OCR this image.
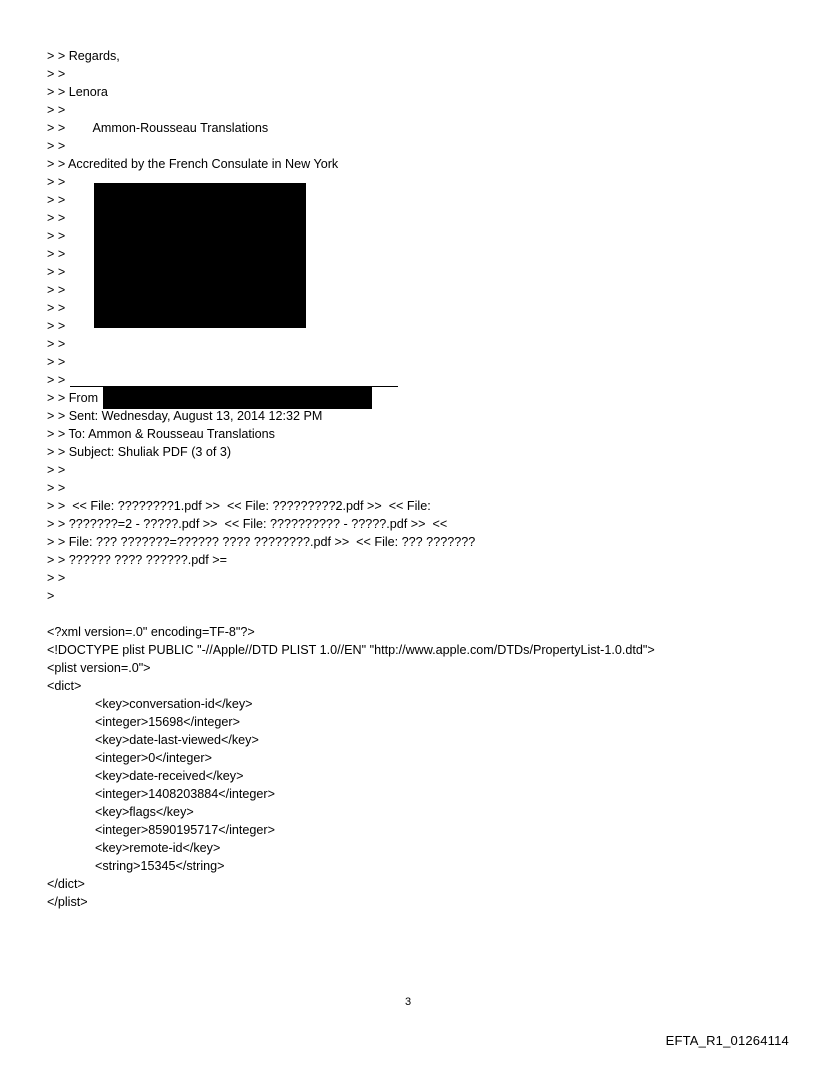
> > Regards,
> >
> > Lenora
> >
> >        Ammon-Rousseau Translations
> >
> > Accredited by the French Consulate in New York
> >
> >
> >
> >
> >
> >
> >
> >
> >
> >
> >
> >
> > From
> > Sent: Wednesday, August 13, 2014 12:32 PM
> > To: Ammon & Rousseau Translations
> > Subject: Shuliak PDF (3 of 3)
> >
> >
> >  << File: ????????1.pdf >>  << File: ?????????2.pdf >>  << File:
> > ???????=2 - ?????.pdf >>  << File: ?????????? - ?????.pdf >>  <<
> > File: ??? ???????=?????? ???? ????????.pdf >>  << File: ??? ???????
> > ?????? ???? ??????.pdf >=
> >
>
<?xml version=.0" encoding=TF-8"?>
<!DOCTYPE plist PUBLIC "-//Apple//DTD PLIST 1.0//EN" "http://www.apple.com/DTDs/PropertyList-1.0.dtd">
<plist version=.0">
<dict>
<key>conversation-id</key>
<integer>15698</integer>
<key>date-last-viewed</key>
<integer>0</integer>
<key>date-received</key>
<integer>1408203884</integer>
<key>flags</key>
<integer>8590195717</integer>
<key>remote-id</key>
<string>15345</string>
</dict>
</plist>
3
EFTA_R1_01264114
